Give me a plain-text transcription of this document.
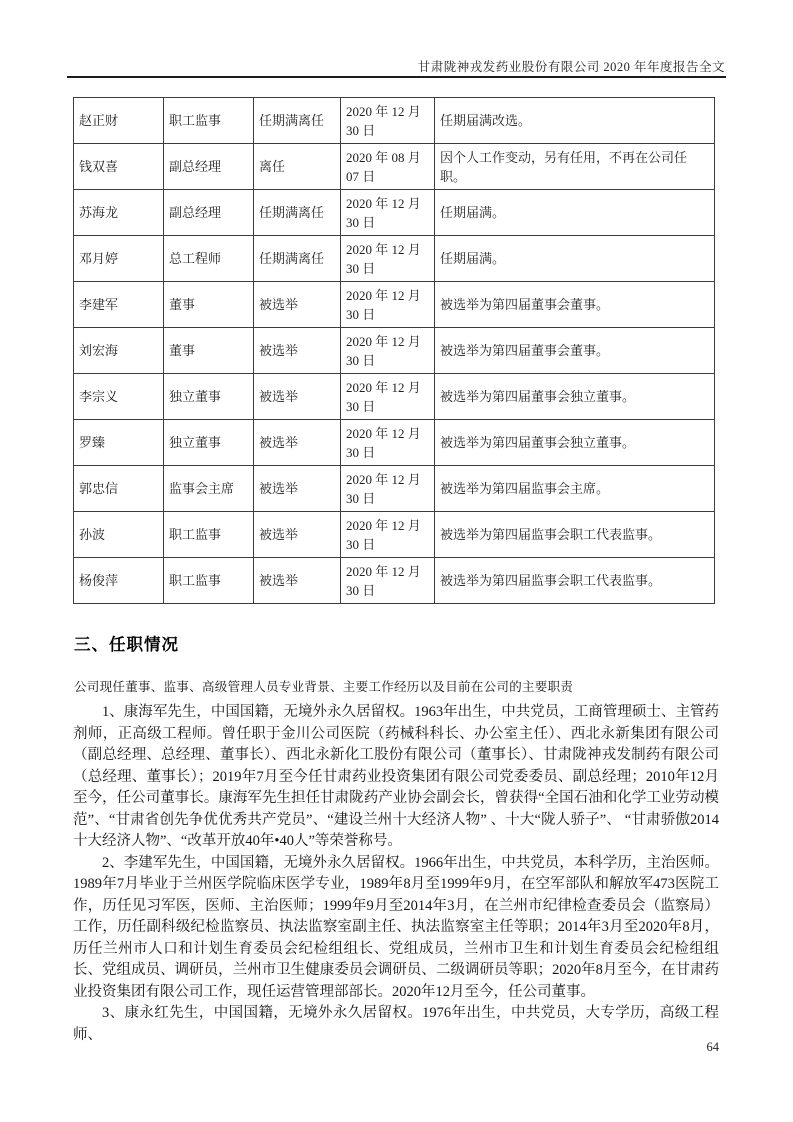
甘肃陇神戎发药业股份有限公司 2020 年年度报告全文
赵正财	职工监事	任期满离任	2020 年 12 月 30 日	任期届满改选。
钱双喜	副总经理	离任	2020 年 08 月 07 日	因个人工作变动，另有任用，不再在公司任职。
苏海龙	副总经理	任期满离任	2020 年 12 月 30 日	任期届满。
邓月婷	总工程师	任期满离任	2020 年 12 月 30 日	任期届满。
李建军	董事	被选举	2020 年 12 月 30 日	被选举为第四届董事会董事。
刘宏海	董事	被选举	2020 年 12 月 30 日	被选举为第四届董事会董事。
李宗义	独立董事	被选举	2020 年 12 月 30 日	被选举为第四届董事会独立董事。
罗臻	独立董事	被选举	2020 年 12 月 30 日	被选举为第四届董事会独立董事。
郭忠信	监事会主席	被选举	2020 年 12 月 30 日	被选举为第四届监事会主席。
孙波	职工监事	被选举	2020 年 12 月 30 日	被选举为第四届监事会职工代表监事。
杨俊萍	职工监事	被选举	2020 年 12 月 30 日	被选举为第四届监事会职工代表监事。
三、任职情况
公司现任董事、监事、高级管理人员专业背景、主要工作经历以及目前在公司的主要职责

1、康海军先生，中国国籍，无境外永久居留权。1963年出生，中共党员，工商管理硕士、主管药剂师，正高级工程师。曾任职于金川公司医院（药械科科长、办公室主任）、西北永新集团有限公司（副总经理、总经理、董事长）、西北永新化工股份有限公司（董事长）、甘肃陇神戎发制药有限公司（总经理、董事长）；2019年7月至今任甘肃药业投资集团有限公司党委委员、副总经理；2010年12月至今，任公司董事长。康海军先生担任甘肃陇药产业协会副会长，曾获得“全国石油和化学工业劳动模范”、“甘肃省创先争优优秀共产党员”、“建设兰州十大经济人物” 、十大“陇人骄子”、 “甘肃骄傲2014十大经济人物”、“改革开放40年•40人”等荣誉称号。

2、李建军先生，中国国籍，无境外永久居留权。1966年出生，中共党员，本科学历，主治医师。1989年7月毕业于兰州医学院临床医学专业，1989年8月至1999年9月，在空军部队和解放军473医院工作，历任见习军医，医师、主治医师；1999年9月至2014年3月，在兰州市纪律检查委员会（监察局）工作，历任副科级纪检监察员、执法监察室副主任、执法监察室主任等职；2014年3月至2020年8月，历任兰州市人口和计划生育委员会纪检组组长、党组成员，兰州市卫生和计划生育委员会纪检组组长、党组成员、调研员，兰州市卫生健康委员会调研员、二级调研员等职；2020年8月至今，在甘肃药业投资集团有限公司工作，现任运营管理部部长。2020年12月至今，任公司董事。

3、康永红先生，中国国籍，无境外永久居留权。1976年出生，中共党员，大专学历，高级工程师、

64
